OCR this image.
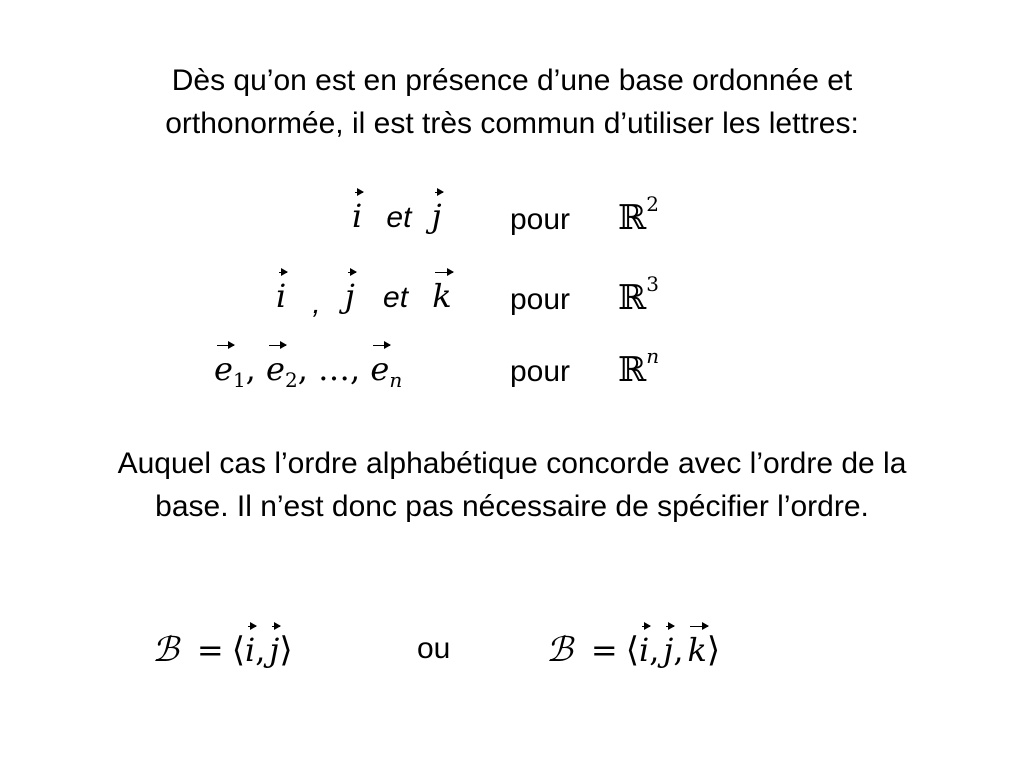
Dès qu’on est en présence d’une base ordonnée et
orthonormée, il est très commun d’utiliser les lettres:
i et j pour ℝ2
i , j et k pour ℝ3
$e_1$, $e_2$, …, $e_n$	pour ℝn
Auquel cas l’ordre alphabétique concorde avec l’ordre de la
base. Il n’est donc pas nécessaire de spécifier l’ordre.
ℬ = ⟨i, j⟩	ou	ℬ = ⟨i, j, k⟩
